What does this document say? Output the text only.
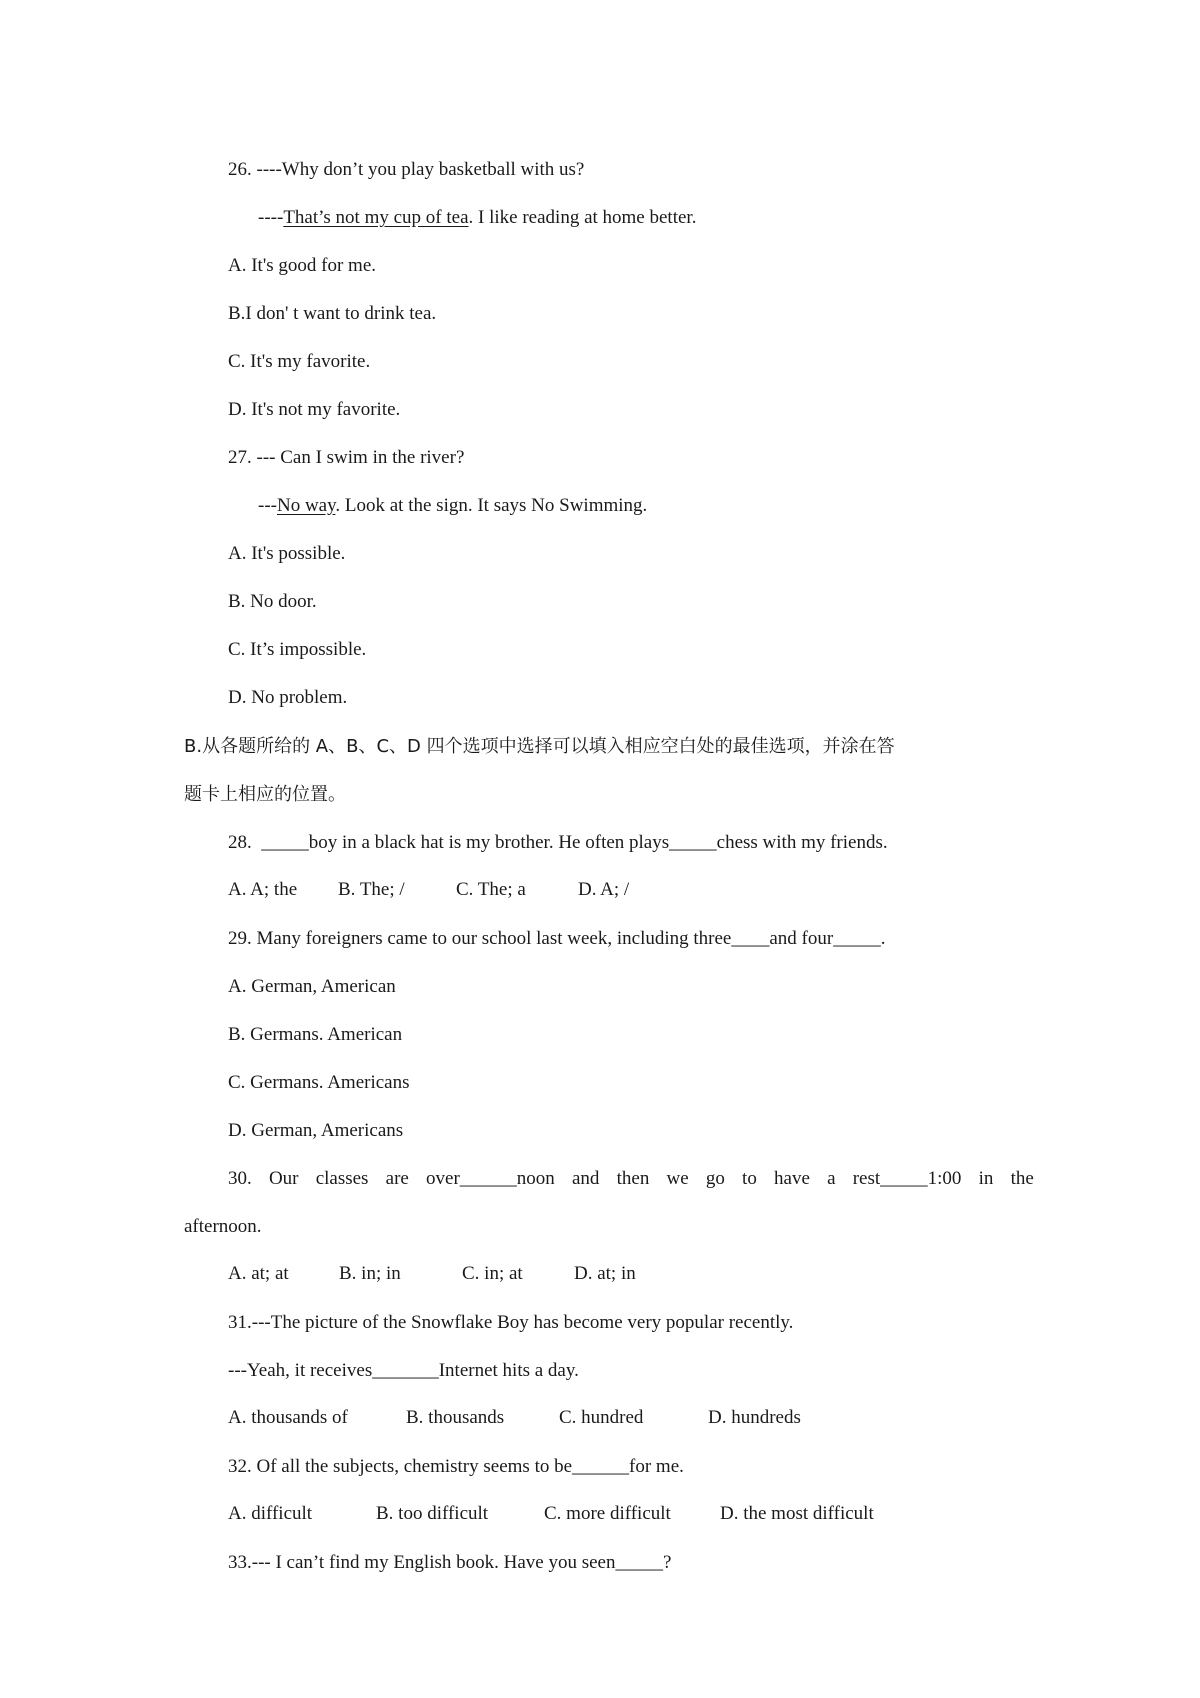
26. ----Why don’t you play basketball with us?
----That’s not my cup of tea. I like reading at home better.
A. It's good for me.
B.I don' t want to drink tea.
C. It's my favorite.
D. It's not my favorite.
27. --- Can I swim in the river?
---No way. Look at the sign. It says No Swimming.
A. It's possible.
B. No door.
C. It’s impossible.
D. No problem.
B.从各题所给的 A、B、C、D 四个选项中选择可以填入相应空白处的最佳选项，并涂在答
题卡上相应的位置。
28.  _____boy in a black hat is my brother. He often plays_____chess with my friends.
A. A; the B. The; /	C. The; a	D. A; /
29. Many foreigners came to our school last week, including three____and four_____.
A. German, American
B. Germans. American
C. Germans. Americans
D. German, Americans
30. Our classes are over______noon and then we go to have a rest_____1:00 in the
afternoon.
A. at; at	B. in; in	C. in; at	D. at; in
31.---The picture of the Snowflake Boy has become very popular recently.
---Yeah, it receives_______Internet hits a day.
A. thousands of	B. thousands	C. hundred	D. hundreds
32. Of all the subjects, chemistry seems to be______for me.
A. difficult	B. too difficult	C. more difficult	D. the most difficult
33.--- I can’t find my English book. Have you seen_____?
